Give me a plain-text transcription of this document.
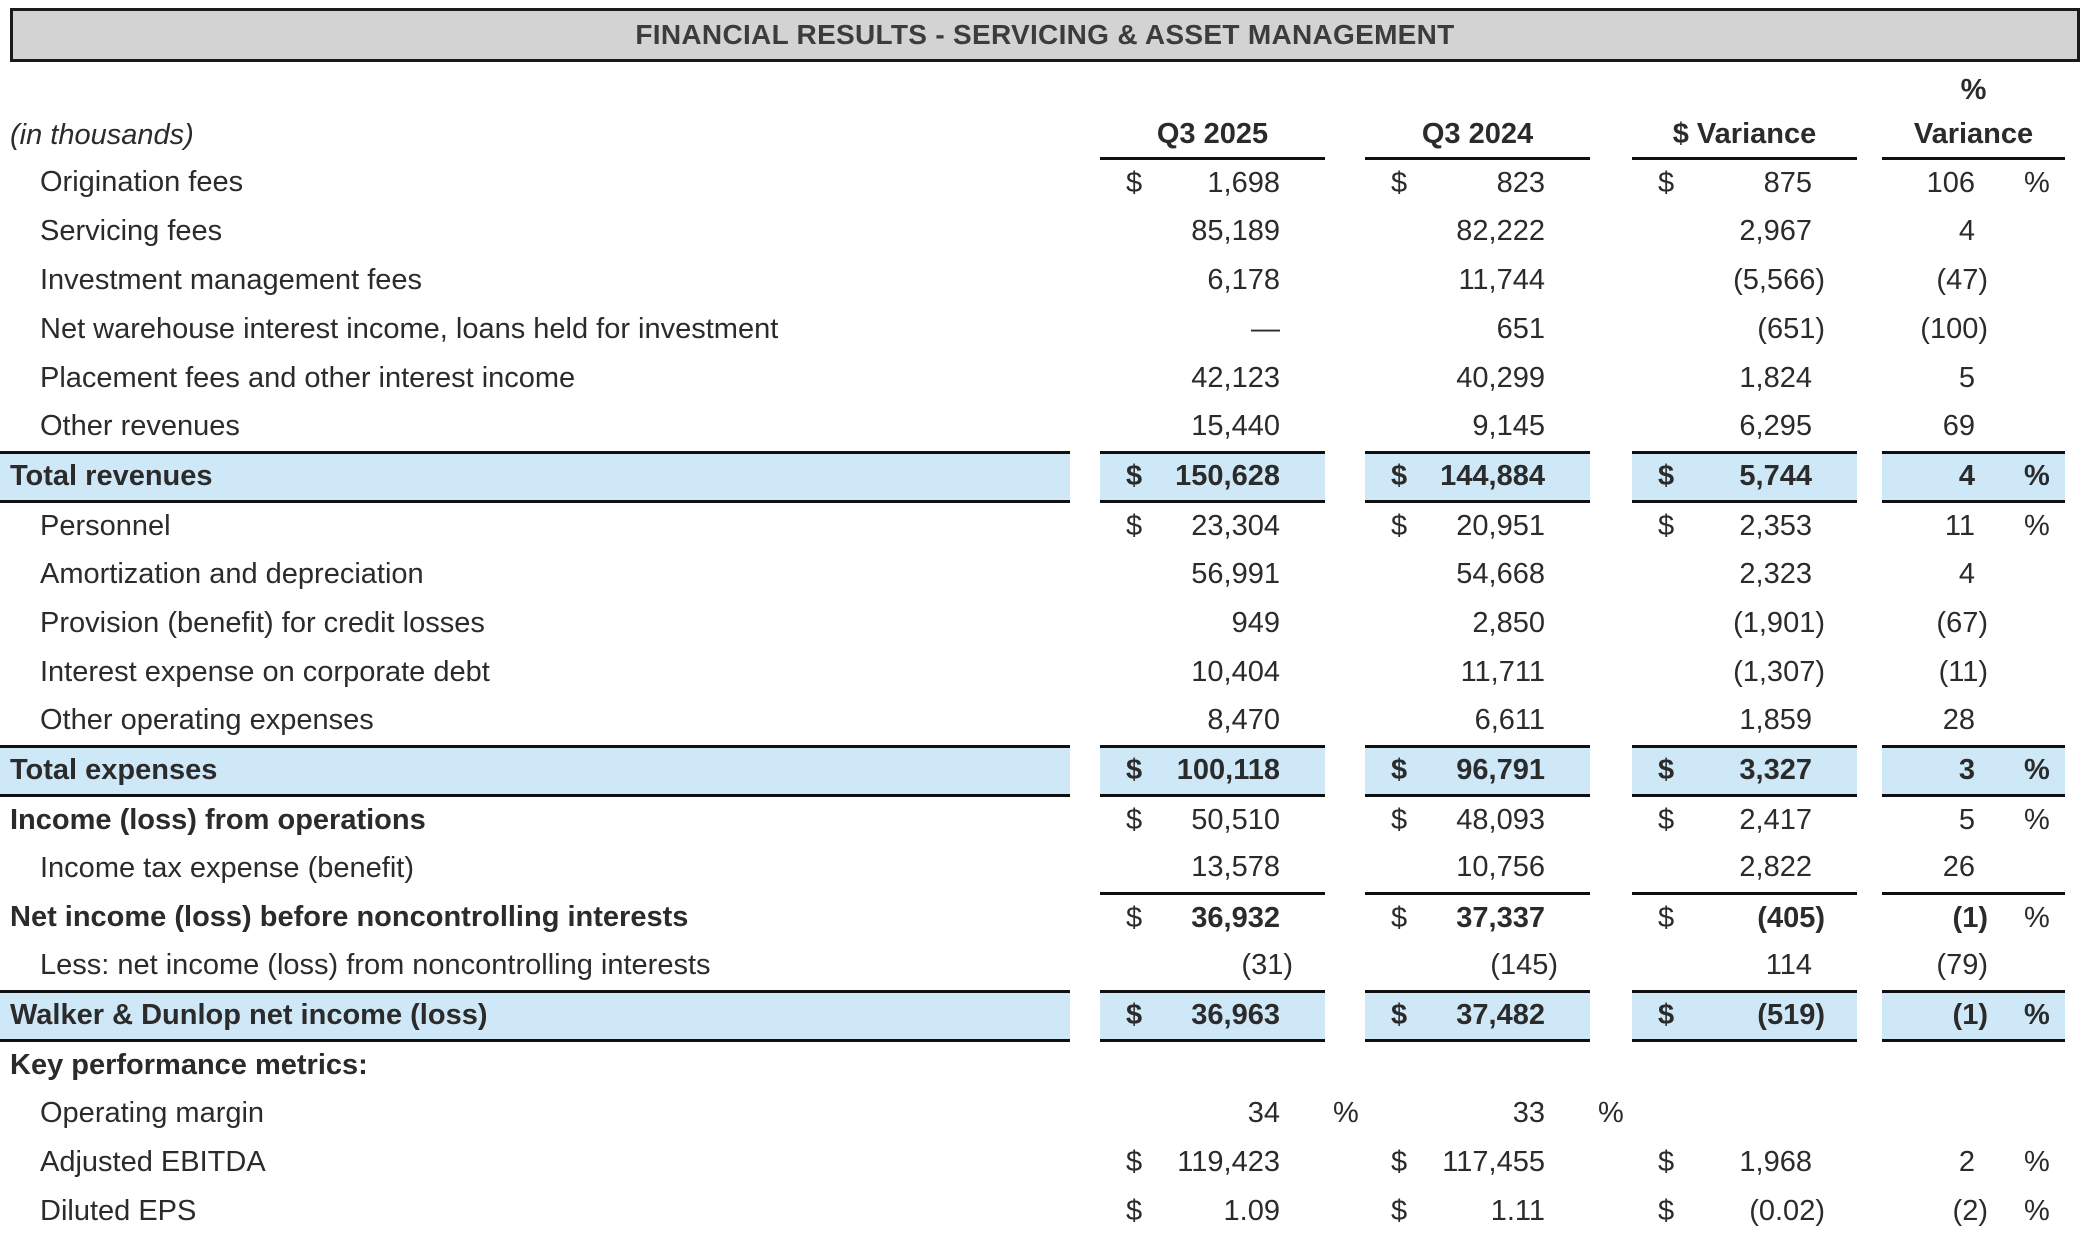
FINANCIAL RESULTS - SERVICING & ASSET MANAGEMENT
											%	
(in thousands)		Q3 2025			Q3 2024			$ Variance			Variance	
Origination fees		$	1,698		$	823		$	875		106	%
Servicing fees			85,189			82,222			2,967		4	
Investment management fees			6,178			11,744			(5,566)		(47)	
Net warehouse interest income, loans held for investment			—			651			(651)		(100)	
Placement fees and other interest income			42,123			40,299			1,824		5	
Other revenues			15,440			9,145			6,295		69	
Total revenues		$	150,628		$	144,884		$	5,744		4	%
Personnel		$	23,304		$	20,951		$	2,353		11	%
Amortization and depreciation			56,991			54,668			2,323		4	
Provision (benefit) for credit losses			949			2,850			(1,901)		(67)	
Interest expense on corporate debt			10,404			11,711			(1,307)		(11)	
Other operating expenses			8,470			6,611			1,859		28	
Total expenses		$	100,118		$	96,791		$	3,327		3	%
Income (loss) from operations		$	50,510		$	48,093		$	2,417		5	%
Income tax expense (benefit)			13,578			10,756			2,822		26	
Net income (loss) before noncontrolling interests		$	36,932		$	37,337		$	(405)		(1)	%
Less: net income (loss) from noncontrolling interests			(31)			(145)			114		(79)	
Walker & Dunlop net income (loss)		$	36,963		$	37,482		$	(519)		(1)	%
Key performance metrics:												
Operating margin			34	%		33	%					
Adjusted EBITDA		$	119,423		$	117,455		$	1,968		2	%
Diluted EPS		$	1.09		$	1.11		$	(0.02)		(2)	%
